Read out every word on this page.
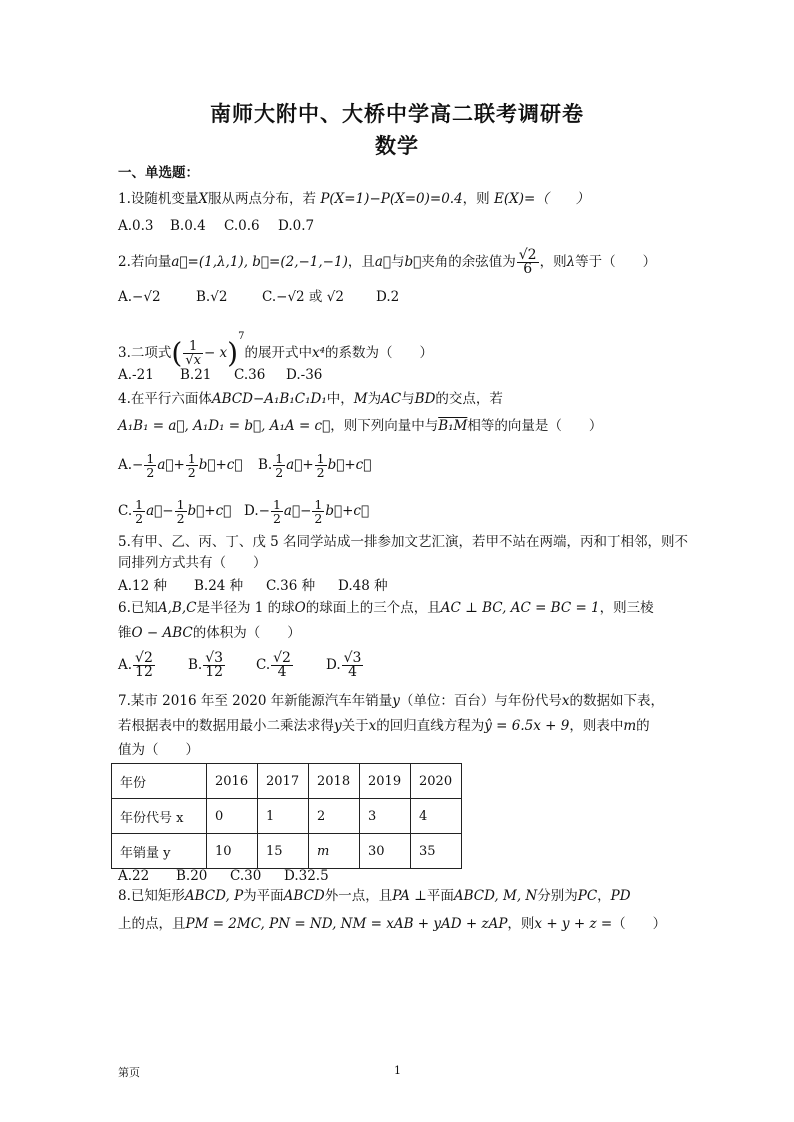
南师大附中、大桥中学高二联考调研卷
数学
一、单选题：
1.设随机变量X服从两点分布，若 P(X=1)−P(X=0)=0.4，则 E(X)=（　　）
A.0.3 B.0.4 C.0.6 D.0.7
2.若向量a⃗=(1,λ,1), b⃗=(2,−1,−1)，且a⃗与b⃗夹角的余弦值为 $\frac{√2}{6}$ ，则λ等于（　　）
A.−√2	B.√2	C.−√2 或 √2 D.2
3.二项式( $\frac{1}{√x} - x)^7$的展开式中x⁴的系数为（　　）
A.-21 B.21 C.36 D.-36
4.在平行六面体ABCD−A₁B₁C₁D₁中，M为AC与BD的交点，若
A₁B₁ = a⃗, A₁D₁ = b⃗, A₁A = c⃗，则下列向量中与B₁M相等的向量是（　　）
$A.- \frac{1}{2}$ a⃗+ $\frac{1}{2}$ b⃗+c⃗ B. $\frac{1}{2}$ a⃗+ $\frac{1}{2}$ b⃗+c⃗
C. $\frac{1}{2}$ a⃗− $\frac{1}{2}$ b⃗+c⃗ $D.- \frac{1}{2}$ a⃗− $\frac{1}{2}$ b⃗+c⃗
5.有甲、乙、丙、丁、戊 5 名同学站成一排参加文艺汇演，若甲不站在两端，丙和丁相邻，则不
同排列方式共有（　　）
A.12 种 B.24 种 C.36 种 D.48 种
6.已知A,B,C是半径为 1 的球O的球面上的三个点，且AC ⊥ BC, AC = BC = 1，则三棱
锥O − ABC的体积为（　　）
A. $\frac{√2}{12} B$. $\frac{√3}{12} C$. $\frac{√2}{4} D$. $\frac{√3}{4}$
7.某市 2016 年至 2020 年新能源汽车年销量y（单位：百台）与年份代号x的数据如下表，
若根据表中的数据用最小二乘法求得y关于x的回归直线方程为ŷ = 6.5x + 9，则表中m的
值为（　　）
年份	2016	2017	2018	2019	2020
年份代号 x	0	1	2	3	4
年销量 y	10	15	m	30	35
A.22 B.20 C.30 D.32.5
8.已知矩形ABCD, P为平面ABCD外一点，且PA ⊥平面ABCD, M, N分别为PC，PD
上的点，且PM = 2MC, PN = ND, NM = xAB + yAD + zAP，则x + y + z =（　　）
第页	1
